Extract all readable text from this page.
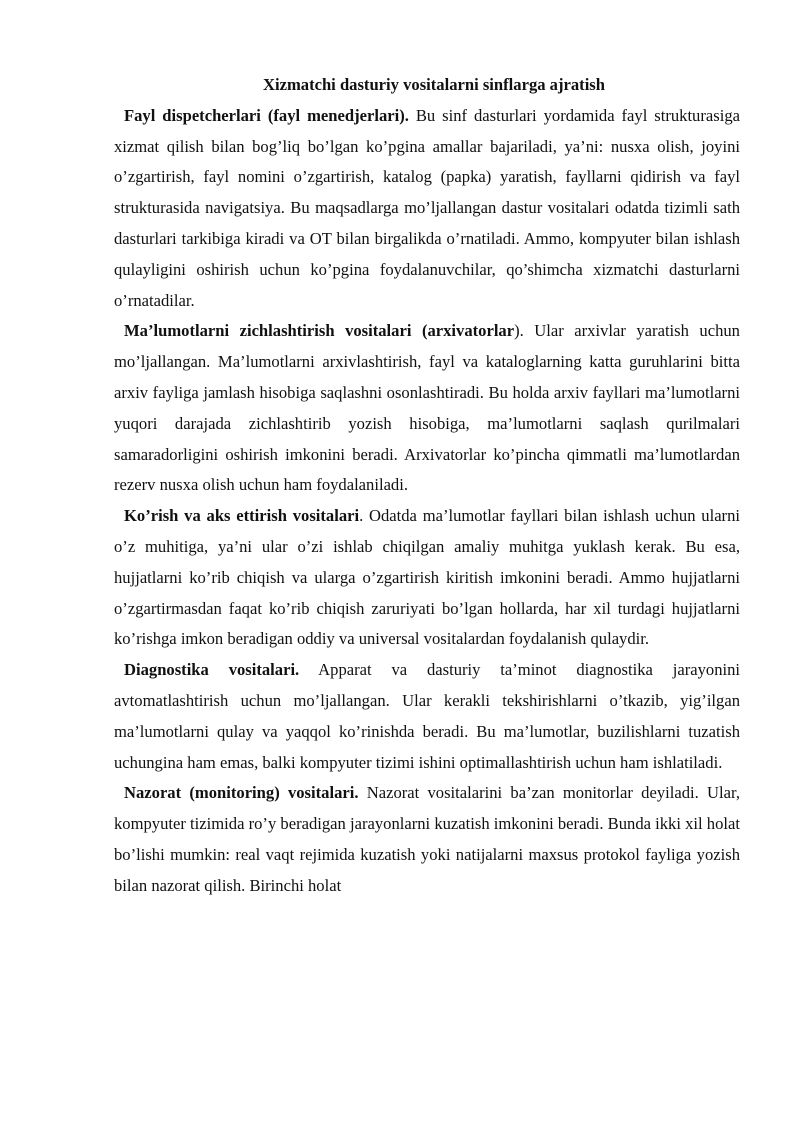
Xizmatchi dasturiy vositalarni sinflarga ajratish

Fayl dispetcherlari (fayl menedjerlari). Bu sinf dasturlari yordamida fayl strukturasiga xizmat qilish bilan bog’liq bo’lgan ko’pgina amallar bajariladi, ya’ni: nusxa olish, joyini o’zgartirish, fayl nomini o’zgartirish, katalog (papka) yaratish, fayllarni qidirish va fayl strukturasida navigatsiya. Bu maqsadlarga mo’ljallangan dastur vositalari odatda tizimli sath dasturlari tarkibiga kiradi va OT bilan birgalikda o’rnatiladi. Ammo, kompyuter bilan ishlash qulayligini oshirish uchun ko’pgina foydalanuvchilar, qo’shimcha xizmatchi dasturlarni o’rnatadilar.

Ma’lumotlarni zichlashtirish vositalari (arxivatorlar). Ular arxivlar yaratish uchun mo’ljallangan. Ma’lumotlarni arxivlashtirish, fayl va kataloglarning katta guruhlarini bitta arxiv fayliga jamlash hisobiga saqlashni osonlashtiradi. Bu holda arxiv fayllari ma’lumotlarni yuqori darajada zichlashtirib yozish hisobiga, ma’lumotlarni saqlash qurilmalari samaradorligini oshirish imkonini beradi. Arxivatorlar ko’pincha qimmatli ma’lumotlardan rezerv nusxa olish uchun ham foydalaniladi.

Ko’rish va aks ettirish vositalari. Odatda ma’lumotlar fayllari bilan ishlash uchun ularni o’z muhitiga, ya’ni ular o’zi ishlab chiqilgan amaliy muhitga yuklash kerak. Bu esa, hujjatlarni ko’rib chiqish va ularga o’zgartirish kiritish imkonini beradi. Ammo hujjatlarni o’zgartirmasdan faqat ko’rib chiqish zaruriyati bo’lgan hollarda, har xil turdagi hujjatlarni ko’rishga imkon beradigan oddiy va universal vositalardan foydalanish qulaydir.

Diagnostika vositalari. Apparat va dasturiy ta’minot diagnostika jarayonini avtomatlashtirish uchun mo’ljallangan. Ular kerakli tekshirishlarni o’tkazib, yig’ilgan ma’lumotlarni qulay va yaqqol ko’rinishda beradi. Bu ma’lumotlar, buzilishlarni tuzatish uchungina ham emas, balki kompyuter tizimi ishini optimallashtirish uchun ham ishlatiladi.

Nazorat (monitoring) vositalari. Nazorat vositalarini ba’zan monitorlar deyiladi. Ular, kompyuter tizimida ro’y beradigan jarayonlarni kuzatish imkonini beradi. Bunda ikki xil holat bo’lishi mumkin: real vaqt rejimida kuzatish yoki natijalarni maxsus protokol fayliga yozish bilan nazorat qilish. Birinchi holat
